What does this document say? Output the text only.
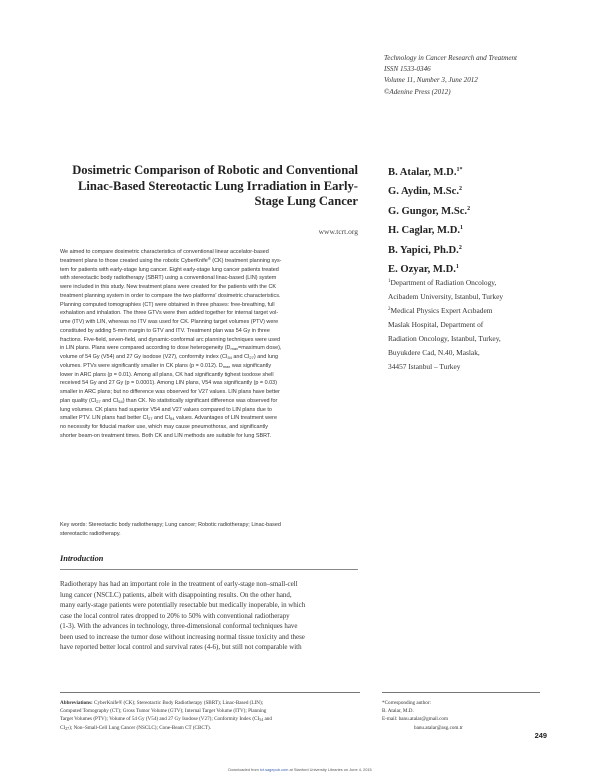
Technology in Cancer Research and Treatment
ISSN 1533-0346
Volume 11, Number 3, June 2012
©Adenine Press (2012)
Dosimetric Comparison of Robotic and Conventional
Linac-Based Stereotactic Lung Irradiation in Early-
Stage Lung Cancer
www.tcrt.org
B. Atalar, M.D.$^{1*}$
G. Aydin, M.Sc.$^2$
G. Gungor, M.Sc.$^2$
H. Caglar, M.D.$^1$
B. Yapici, Ph.D.$^2$
E. Ozyar, M.D.$^1$
$^1$Department of Radiation Oncology,
Acibadem University, Istanbul, Turkey
$^2$Medical Physics Expert Acıbadem
Maslak Hospital, Department of
Radiation Oncology, Istanbul, Turkey,
Buyukdere Cad, N.40, Maslak,
34457 Istanbul – Turkey
We aimed to compare dosimetric characteristics of conventional linear accelator-based
treatment plans to those created using the robotic CyberKnife® (CK) treatment planning sys-
tem for patients with early-stage lung cancer. Eight early-stage lung cancer patients treated
with stereotactic body radiotherapy (SBRT) using a conventional linac-based (LIN) system
were included in this study. New treatment plans were created for the patients with the CK
treatment planning system in order to compare the two platforms' dosimetric characteristics.
Planning computed tomographies (CT) were obtained in three phases: free-breathing, full
exhalation and inhalation. The three GTVs were then added together for internal target vol-
ume (ITV) with LIN, whereas no ITV was used for CK. Planning target volumes (PTV) were
constituted by adding 5-mm margin to GTV and ITV. Treatment plan was 54 Gy in three
fractions. Five-field, seven-field, and dynamic-conformal arc planning techniques were used
in LIN plans. Plans were compared according to dose heterogeneity ($D_{max}=maximum$ dose),
volume of 54 Gy (V54) and 27 Gy isodose (V27), conformity index ($CI_{54}$ and $CI_{27}$) and lung
volumes. PTVs were significantly smaller in CK plans (p = 0.012). $D_{max}$ was significantly
lower in ARC plans (p = 0.01). Among all plans, CK had significantly tighest isodose shell
received 54 Gy and 27 Gy (p = 0.0001). Among LIN plans, V54 was significantly (p = 0.03)
smaller in ARC plans; but no difference was observed for V27 values. LIN plans have better
plan quality ($CI_{27}$ and $CI_{54}$) than CK. No statistically significant difference was observed for
lung volumes. CK plans had superior V54 and V27 values compared to LIN plans due to
smaller PTV. LIN plans had better $CI_{27}$ and $CI_{54}$ values. Advantages of LIN treatment were
no necessity for fiducial marker use, which may cause pneumothorax, and significantly
shorter beam-on treatment times. Both CK and LIN methods are suitable for lung SBRT.
Key words: Stereotactic body radiotherapy; Lung cancer; Robotic radiotherapy; Linac-based
stereotactic radiotherapy.
Introduction
Radiotherapy has had an important role in the treatment of early-stage non–small-cell
lung cancer (NSCLC) patients, albeit with disappointing results. On the other hand,
many early-stage patients were potentially resectable but medically inoperable, in which
case the local control rates dropped to 20% to 50% with conventional radiotherapy
(1-3). With the advances in technology, three-dimensional conformal techniques have
been used to increase the tumor dose without increasing normal tissue toxicity and these
have reported better local control and survival rates (4-6), but still not comparable with
Abbreviations: CyberKnife® (CK); Stereotactic Body Radiotherapy (SBRT); Linac-Based (LIN);
Computed Tomography (CT); Gross Tumor Volume (GTV); Internal Target Volume (ITV); Planning
Target Volumes (PTV); Volume of 54 Gy (V54) and 27 Gy Isodose (V27); Conformity Index ($CI_{54}$ and
$CI_{27}$); Non–Small-Cell Lung Cancer (NSCLC); Cone-Beam CT (CBCT).
*Corresponding author:
B. Atalar, M.D.
E-mail: banu.atalar@gmail.com
banu.atalar@asg.com.tr
249
Downloaded from tct.sagepub.com at Stanford University Libraries on June 4, 2015
